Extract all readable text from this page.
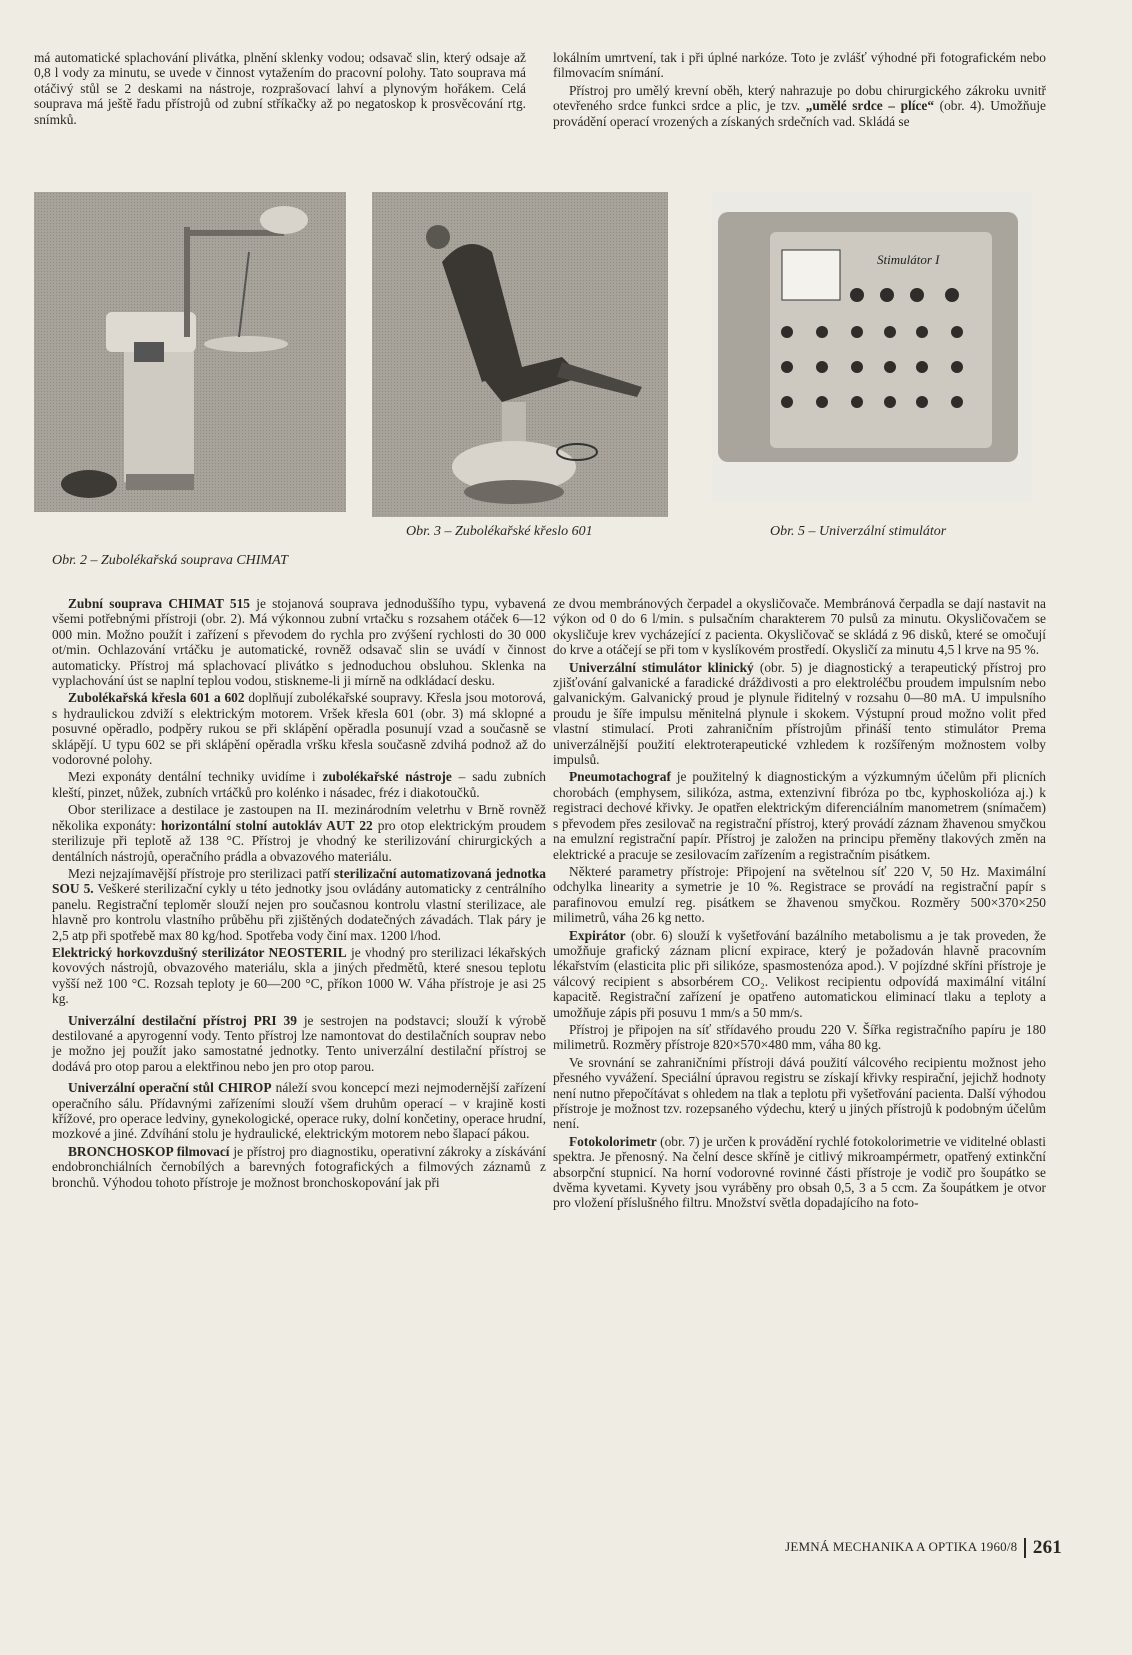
má automatické splachování plivátka, plnění sklenky vodou; odsavač slin, který odsaje až 0,8 l vody za minutu, se uvede v činnost vytažením do pracovní polohy. Tato souprava má otáčivý stůl se 2 deskami na nástroje, rozprašovací lahví a plynovým hořákem. Celá souprava má ještě řadu přístrojů od zubní stříkačky až po negatoskop k prosvěcování rtg. snímků.

lokálním umrtvení, tak i při úplné narkóze. Toto je zvlášť výhodné při fotografickém nebo filmovacím snímání.

Přístroj pro umělý krevní oběh, který nahrazuje po dobu chirurgického zákroku uvnitř otevřeného srdce funkci srdce a plic, je tzv. „umělé srdce – plíce“ (obr. 4). Umožňuje provádění operací vrozených a získaných srdečních vad. Skládá se

Stimulátor I
Obr. 2 – Zubolékařská souprava CHIMAT
Obr. 3 – Zubolékařské křeslo 601	Obr. 5 – Univerzální stimulátor

Zubní souprava CHIMAT 515 je stojanová souprava jednoduššího typu, vybavená všemi potřebnými přístroji (obr. 2). Má výkonnou zubní vrtačku s rozsahem otáček 6—12 000 min. Možno použít i zařízení s převodem do rychla pro zvýšení rychlosti do 30 000 ot/min. Ochlazování vrtáčku je automatické, rovněž odsavač slin se uvádí v činnost automaticky. Přístroj má splachovací plivátko s jednoduchou obsluhou. Sklenka na vyplachování úst se naplní teplou vodou, stiskneme-li ji mírně na odkládací desku.

Zubolékařská křesla 601 a 602 doplňují zubolékařské soupravy. Křesla jsou motorová, s hydraulickou zdviží s elektrickým motorem. Vršek křesla 601 (obr. 3) má sklopné a posuvné opěradlo, podpěry rukou se při sklápění opěradla posunují vzad a současně se sklápějí. U typu 602 se při sklápění opěradla vršku křesla současně zdvihá podnož až do vodorovné polohy.

Mezi exponáty dentální techniky uvidíme i zubolékařské nástroje – sadu zubních kleští, pinzet, nůžek, zubních vrtáčků pro kolénko i násadec, fréz i diakotoučků.

Obor sterilizace a destilace je zastoupen na II. mezinárodním veletrhu v Brně rovněž několika exponáty: horizontální stolní autokláv AUT 22 pro otop elektrickým proudem sterilizuje při teplotě až 138 °C. Přístroj je vhodný ke sterilizování chirurgických a dentálních nástrojů, operačního prádla a obvazového materiálu.

Mezi nejzajímavější přístroje pro sterilizaci patří sterilizační automatizovaná jednotka SOU 5. Veškeré sterilizační cykly u této jednotky jsou ovládány automaticky z centrálního panelu. Registrační teploměr slouží nejen pro současnou kontrolu vlastní sterilizace, ale hlavně pro kontrolu vlastního průběhu při zjištěných dodatečných závadách. Tlak páry je 2,5 atp při spotřebě max 80 kg/hod. Spotřeba vody činí max. 1200 l/hod.

Elektrický horkovzdušný sterilizátor NEOSTERIL je vhodný pro sterilizaci lékařských kovových nástrojů, obvazového materiálu, skla a jiných předmětů, které snesou teplotu vyšší než 100 °C. Rozsah teploty je 60—200 °C, příkon 1000 W. Váha přístroje je asi 25 kg.

Univerzální destilační přístroj PRI 39 je sestrojen na podstavci; slouží k výrobě destilované a apyrogenní vody. Tento přístroj lze namontovat do destilačních souprav nebo je možno jej použít jako samostatné jednotky. Tento univerzální destilační přístroj se dodává pro otop parou a elektřinou nebo jen pro otop parou.

Univerzální operační stůl CHIROP náleží svou koncepcí mezi nejmodernější zařízení operačního sálu. Přídavnými zařízeními slouží všem druhům operací – v krajině kosti křížové, pro operace ledviny, gynekologické, operace ruky, dolní končetiny, operace hrudní, mozkové a jiné. Zdvíhání stolu je hydraulické, elektrickým motorem nebo šlapací pákou.

BRONCHOSKOP filmovací je přístroj pro diagnostiku, operativní zákroky a získávání endobronchiálních černobílých a barevných fotografických a filmových záznamů z bronchů. Výhodou tohoto přístroje je možnost bronchoskopování jak při

ze dvou membránových čerpadel a okysličovače. Membránová čerpadla se dají nastavit na výkon od 0 do 6 l/min. s pulsačním charakterem 70 pulsů za minutu. Okysličovačem se okysličuje krev vycházející z pacienta. Okysličovač se skládá z 96 disků, které se omočují do krve a otáčejí se při tom v kyslíkovém prostředí. Okysličí za minutu 4,5 l krve na 95 %.

Univerzální stimulátor klinický (obr. 5) je diagnostický a terapeutický přístroj pro zjišťování galvanické a faradické dráždivosti a pro elektroléčbu proudem impulsním nebo galvanickým. Galvanický proud je plynule řiditelný v rozsahu 0—80 mA. U impulsního proudu je šíře impulsu měnitelná plynule i skokem. Výstupní proud možno volit před vlastní stimulací. Proti zahraničním přístrojům přináší tento stimulátor Prema univerzálnější použití elektroterapeutické vzhledem k rozšířeným možnostem volby impulsů.

Pneumotachograf je použitelný k diagnostickým a výzkumným účelům při plicních chorobách (emphysem, silikóza, astma, extenzivní fibróza po tbc, kyphoskolióza aj.) k registraci dechové křivky. Je opatřen elektrickým diferenciálním manometrem (snímačem) s převodem přes zesilovač na registrační přístroj, který provádí záznam žhavenou smyčkou na emulzní registrační papír. Přístroj je založen na principu přeměny tlakových změn na elektrické a pracuje se zesilovacím zařízením a registračním pisátkem.

Některé parametry přístroje: Připojení na světelnou síť 220 V, 50 Hz. Maximální odchylka linearity a symetrie je 10 %. Registrace se provádí na registrační papír s parafinovou emulzí reg. pisátkem se žhavenou smyčkou. Rozměry 500×370×250 milimetrů, váha 26 kg netto.

Expirátor (obr. 6) slouží k vyšetřování bazálního metabolismu a je tak proveden, že umožňuje grafický záznam plicní expirace, který je požadován hlavně pracovním lékařstvím (elasticita plic při silikóze, spasmostenóza apod.). V pojízdné skříni přístroje je válcový recipient s absorbérem CO₂. Velikost recipientu odpovídá maximální vitální kapacitě. Registrační zařízení je opatřeno automatickou eliminací tlaku a teploty a umožňuje zápis při posuvu 1 mm/s a 50 mm/s.

Přístroj je připojen na síť střídavého proudu 220 V. Šířka registračního papíru je 180 milimetrů. Rozměry přístroje 820×570×480 mm, váha 80 kg.

Ve srovnání se zahraničními přístroji dává použití válcového recipientu možnost jeho přesného vyvážení. Speciální úpravou registru se získají křivky respirační, jejichž hodnoty není nutno přepočítávat s ohledem na tlak a teplotu při vyšetřování pacienta. Další výhodou přístroje je možnost tzv. rozepsaného výdechu, který u jiných přístrojů k podobným účelům není.

Fotokolorimetr (obr. 7) je určen k provádění rychlé fotokolorimetrie ve viditelné oblasti spektra. Je přenosný. Na čelní desce skříně je citlivý mikroampérmetr, opatřený extinkční absorpční stupnicí. Na horní vodorovné rovinné části přístroje je vodič pro šoupátko se dvěma kyvetami. Kyvety jsou vyráběny pro obsah 0,5, 3 a 5 ccm. Za šoupátkem je otvor pro vložení příslušného filtru. Množství světla dopadajícího na foto-

JEMNÁ MECHANIKA A OPTIKA 1960/8 261
